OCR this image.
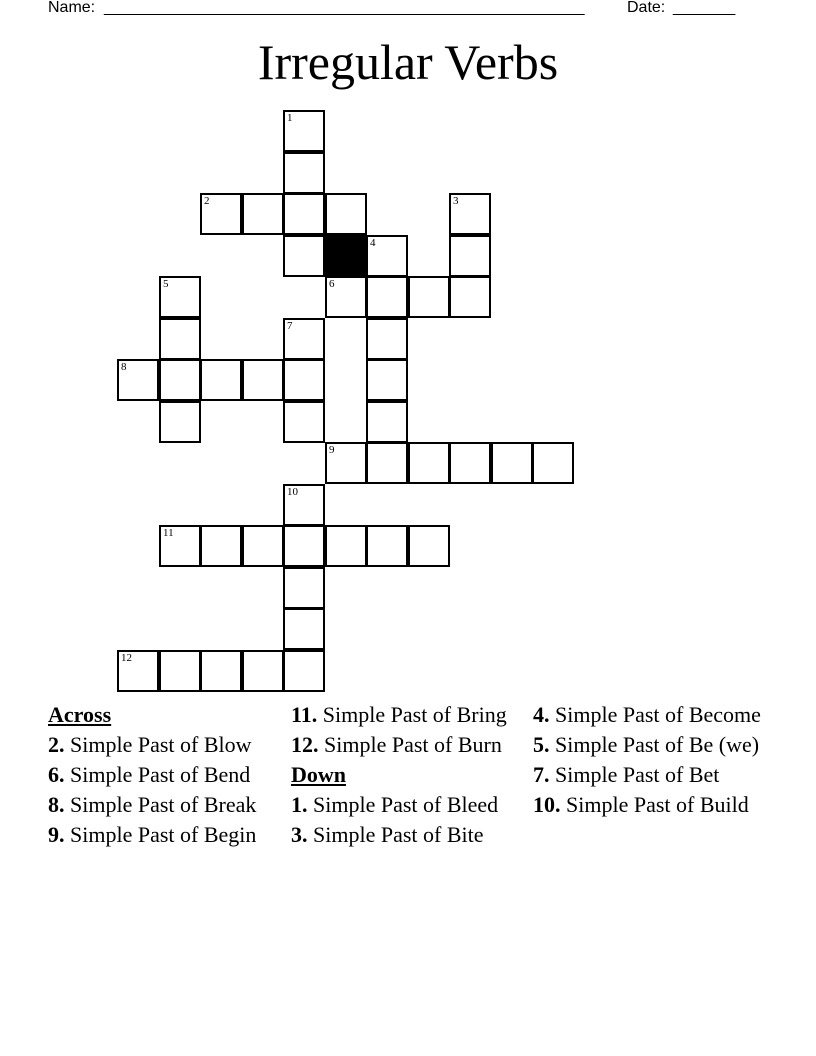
Name: ______________________________________________________	Date: _______
Irregular Verbs
1
2	3
4
5	6
7
8
9
10
11
12
Across
2. Simple Past of Blow
6. Simple Past of Bend
8. Simple Past of Break
9. Simple Past of Begin
11. Simple Past of Bring
12. Simple Past of Burn
Down
1. Simple Past of Bleed
3. Simple Past of Bite
4. Simple Past of Become
5. Simple Past of Be (we)
7. Simple Past of Bet
10. Simple Past of Build
